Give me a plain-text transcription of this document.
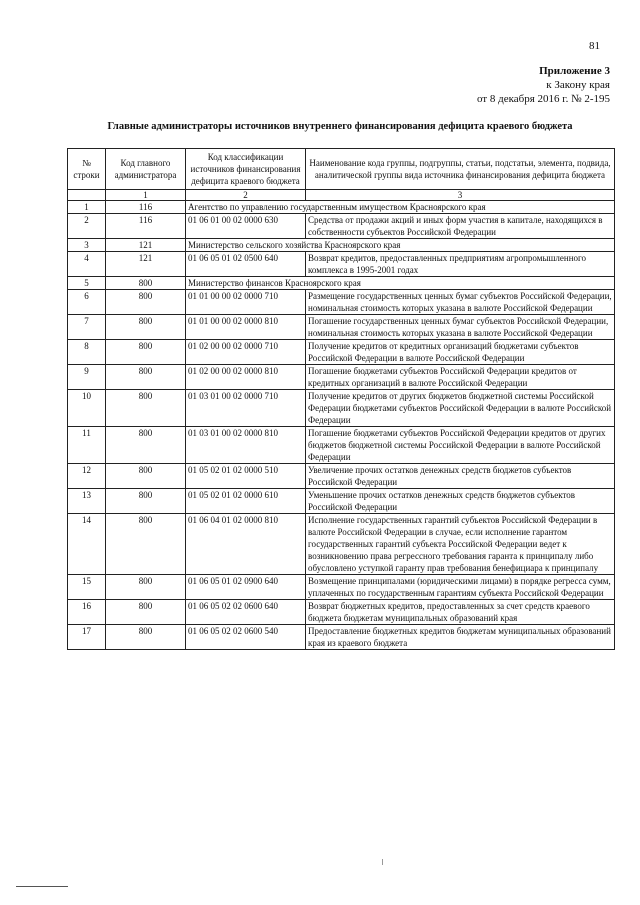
81
Приложение 3
к Закону края
от 8 декабря 2016 г. № 2-195
Главные администраторы источников внутреннего финансирования дефицита краевого бюджета
№ строки	Код главного администратора	Код классификации источников финансирования дефицита краевого бюджета	Наименование кода группы, подгруппы, статьи, подстатьи, элемента, подвида, аналитической группы вида источника финансирования дефицита бюджета
	1	2	3
1	116	Агентство по управлению государственным имуществом Красноярского края	
2	116	01 06 01 00 02 0000 630	Средства от продажи акций и иных форм участия в капитале, находящихся в собственности субъектов Российской Федерации
3	121	Министерство сельского хозяйства Красноярского края	
4	121	01 06 05 01 02 0500 640	Возврат кредитов, предоставленных предприятиям агропромышленного комплекса в 1995-2001 годах
5	800	Министерство финансов Красноярского края	
6	800	01 01 00 00 02 0000 710	Размещение государственных ценных бумаг субъектов Российской Федерации, номинальная стоимость которых указана в валюте Российской Федерации
7	800	01 01 00 00 02 0000 810	Погашение государственных ценных бумаг субъектов Российской Федерации, номинальная стоимость которых указана в валюте Российской Федерации
8	800	01 02 00 00 02 0000 710	Получение кредитов от кредитных организаций бюджетами субъектов Российской Федерации в валюте Российской Федерации
9	800	01 02 00 00 02 0000 810	Погашение бюджетами субъектов Российской Федерации кредитов от кредитных организаций в валюте Российской Федерации
10	800	01 03 01 00 02 0000 710	Получение кредитов от других бюджетов бюджетной системы Российской Федерации бюджетами субъектов Российской Федерации в валюте Российской Федерации
11	800	01 03 01 00 02 0000 810	Погашение бюджетами субъектов Российской Федерации кредитов от других бюджетов бюджетной системы Российской Федерации в валюте Российской Федерации
12	800	01 05 02 01 02 0000 510	Увеличение прочих остатков денежных средств бюджетов субъектов Российской Федерации
13	800	01 05 02 01 02 0000 610	Уменьшение прочих остатков денежных средств бюджетов субъектов Российской Федерации
14	800	01 06 04 01 02 0000 810	Исполнение государственных гарантий субъектов Российской Федерации в валюте Российской Федерации в случае, если исполнение гарантом государственных гарантий субъекта Российской Федерации ведет к возникновению права регрессного требования гаранта к принципалу либо обусловлено уступкой гаранту прав требования бенефициара к принципалу
15	800	01 06 05 01 02 0900 640	Возмещение принципалами (юридическими лицами) в порядке регресса сумм, уплаченных по государственным гарантиям субъекта Российской Федерации
16	800	01 06 05 02 02 0600 640	Возврат бюджетных кредитов, предоставленных за счет средств краевого бюджета бюджетам муниципальных образований края
17	800	01 06 05 02 02 0600 540	Предоставление бюджетных кредитов бюджетам муниципальных образований края из краевого бюджета
